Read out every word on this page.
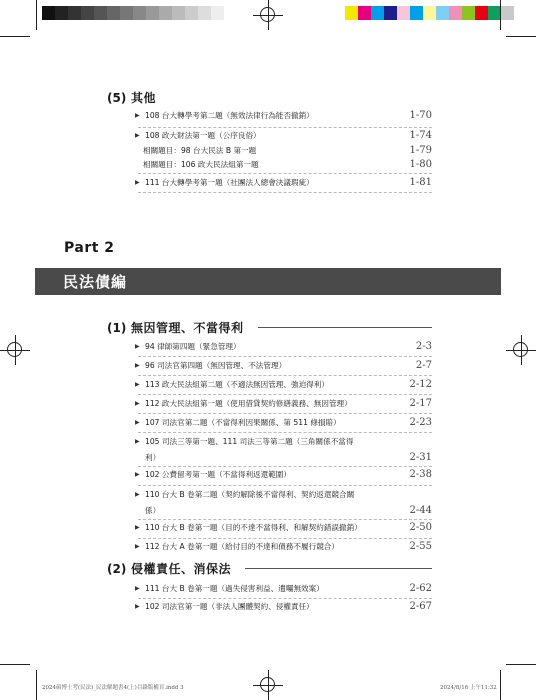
(5) 其他
▶ 108 台大轉學考第二題（無效法律行為能否撤銷）	1-70
▶ 108 政大財法第一題（公序良俗）	1-74
相關題目：98 台大民法 B 第一題	1-79
相關題目：106 政大民法組第一題	1-80
▶ 111 台大轉學考第一題（社團法人總會決議瑕疵）	1-81
Part 2
民法債編
(1) 無因管理、不當得利
▶ 94 律師第四題（緊急管理）	2-3
▶ 96 司法官第四題（無因管理、不法管理）	2-7
▶ 113 政大民法組第二題（不適法無因管理、強迫得利）	2-12
▶ 112 政大民法組第一題（使用借貸契約修繕義務、無因管理）	2-17
▶ 107 司法官第二題（不當得利因果關係、第 511 條損賠）	2-23
▶ 105 司法三等第一題、111 司法三等第二題（三角關係不當得
利）	2-31
▶ 102 公費留考第一題（不當得利返還範圍）	2-38
▶ 110 台大 B 卷第二題（契約解除後不當得利、契約返還競合關
係）	2-44
▶ 110 台大 B 卷第一題（目的不達不當得利、和解契約錯誤撤銷）	2-50
▶ 112 台大 A 卷第一題（給付目的不達和債務不履行競合）	2-55
(2) 侵權責任、消保法
▶ 111 台大 B 卷第一題（過失侵害利益、遺囑無效案）	2-62
▶ 102 司法官第一題（非法人團體契約、侵權責任）	2-67
2024碩博士考(民法)_民法解題書4(上)目錄版權頁.indd 3	2024/8/16 上午11:32
